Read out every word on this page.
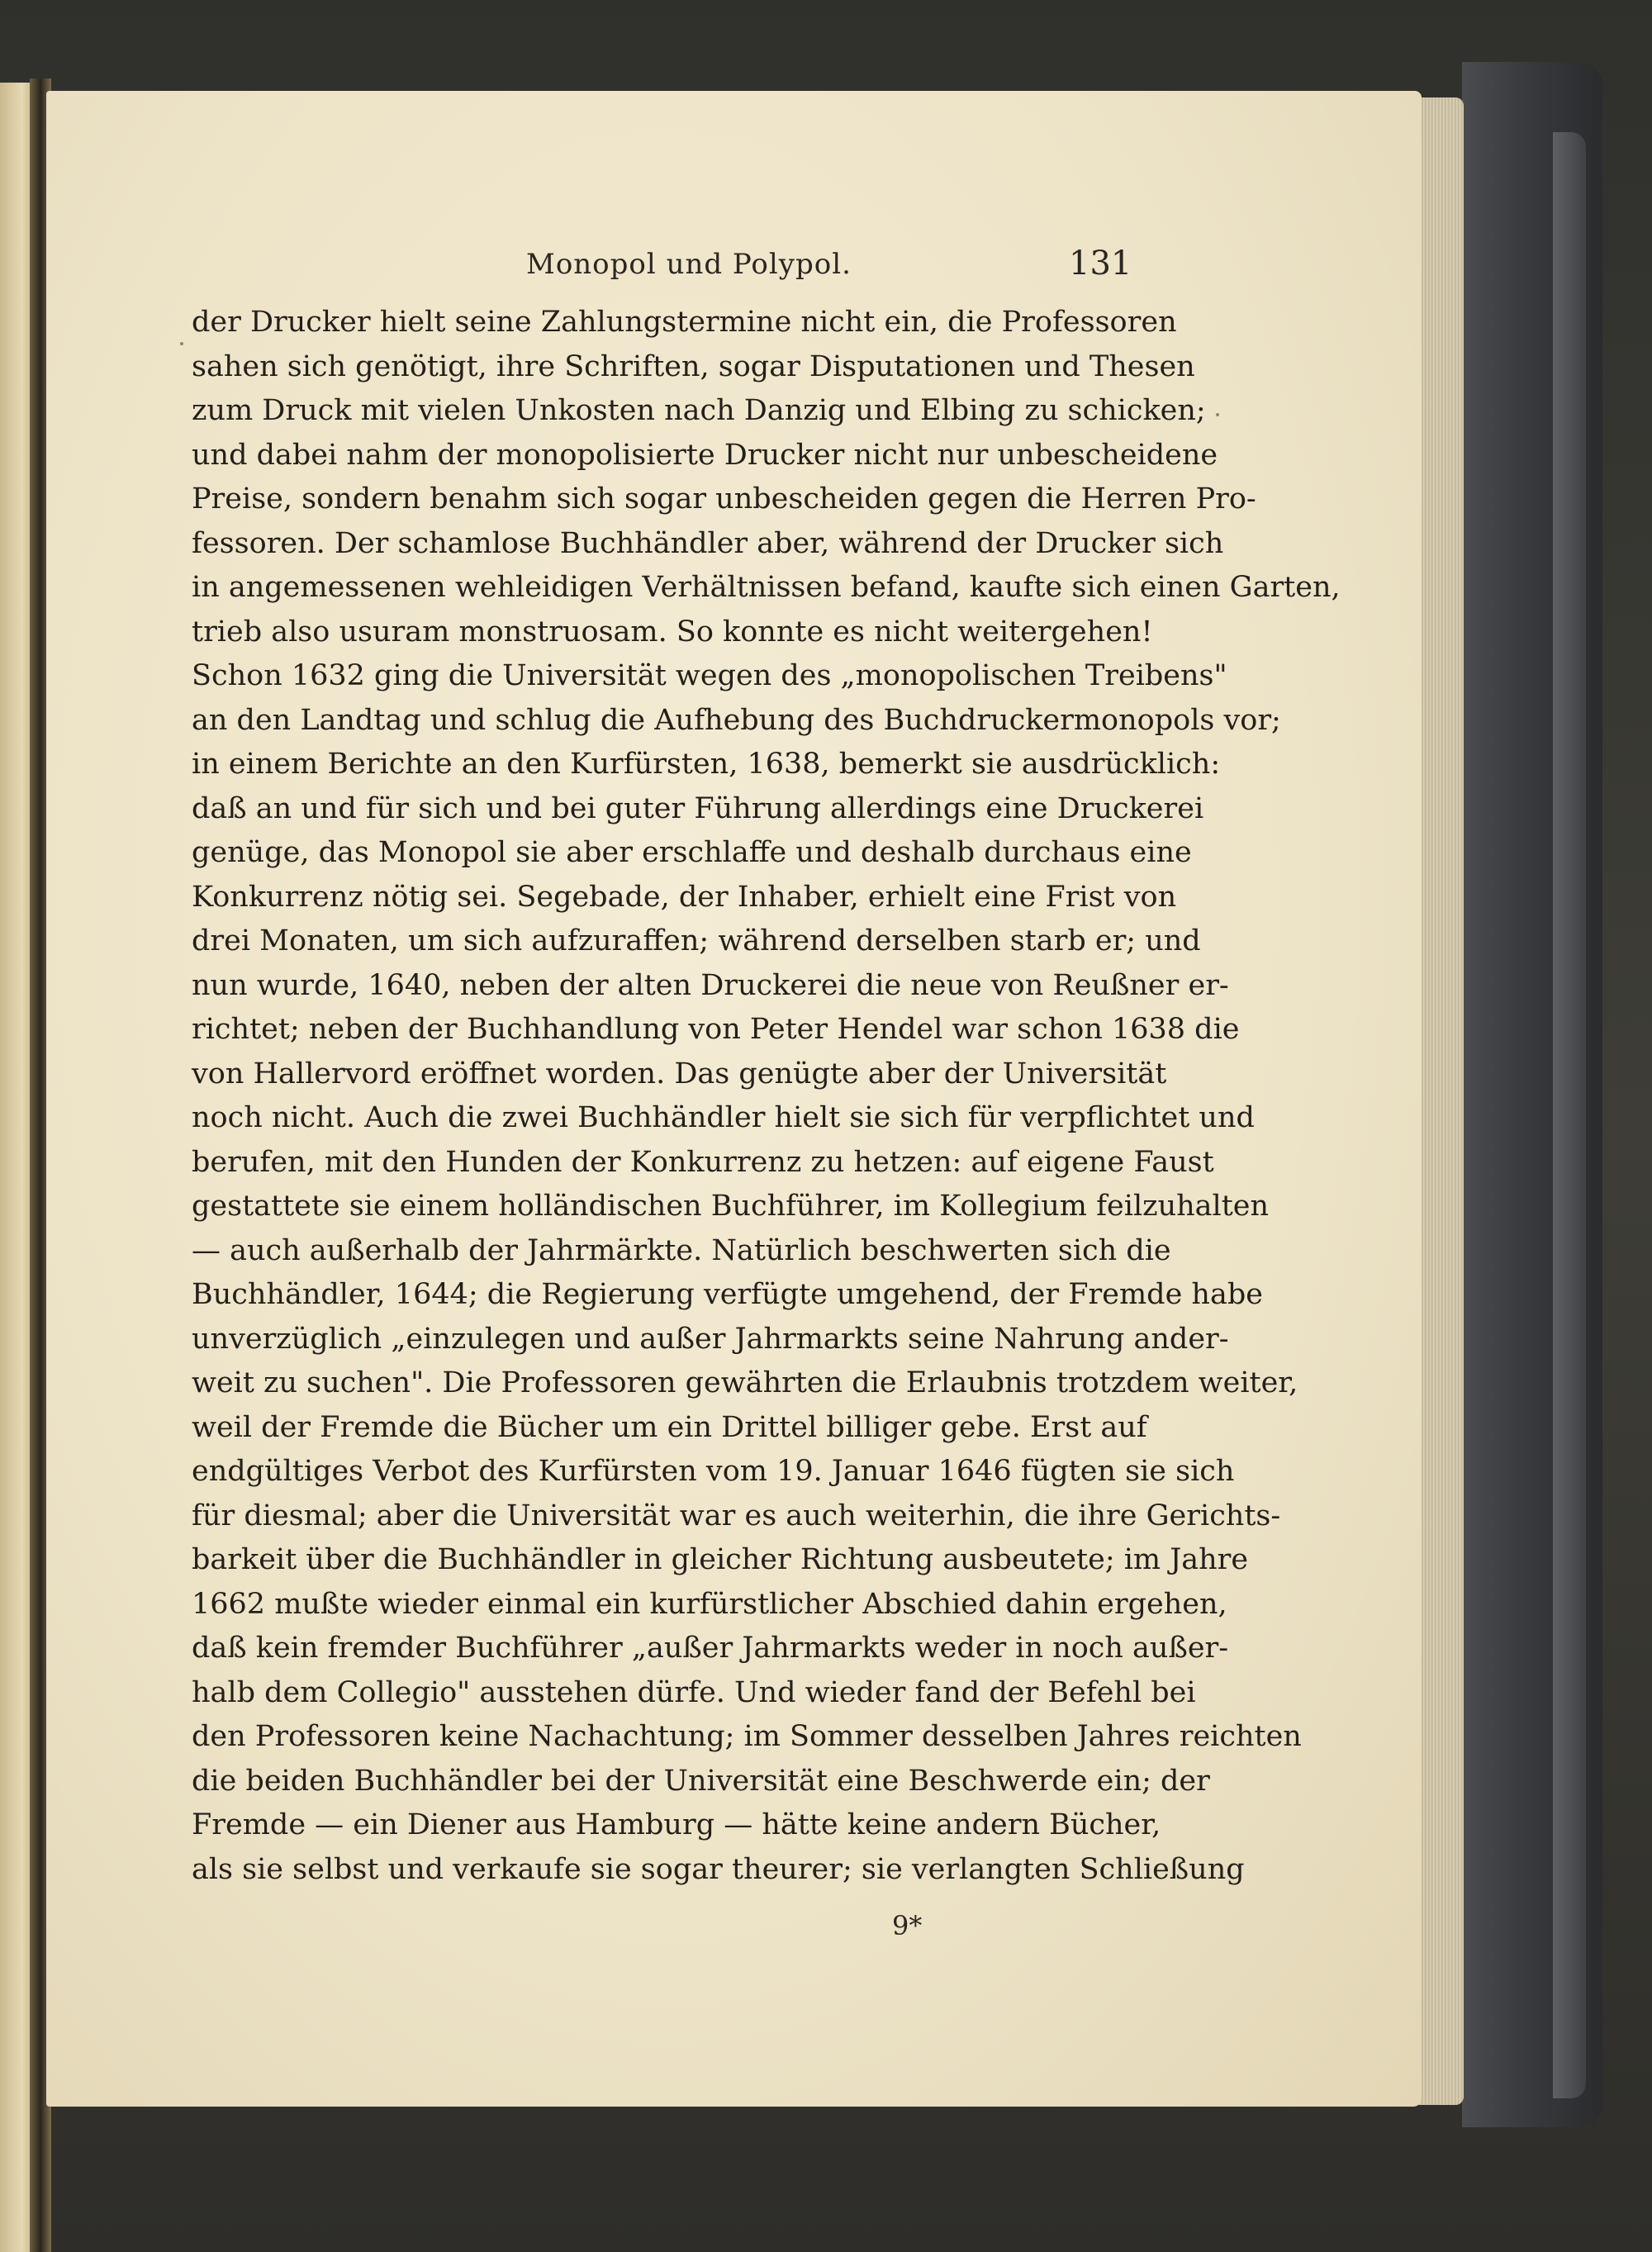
Monopol und Polypol.	131
der Drucker hielt seine Zahlungstermine nicht ein, die Professoren
sahen sich genötigt, ihre Schriften, sogar Disputationen und Thesen
zum Druck mit vielen Unkosten nach Danzig und Elbing zu schicken;
und dabei nahm der monopolisierte Drucker nicht nur unbescheidene
Preise, sondern benahm sich sogar unbescheiden gegen die Herren Pro-
fessoren. Der schamlose Buchhändler aber, während der Drucker sich
in angemessenen wehleidigen Verhältnissen befand, kaufte sich einen Garten,
trieb also usuram monstruosam. So konnte es nicht weitergehen!
Schon 1632 ging die Universität wegen des „monopolischen Treibens"
an den Landtag und schlug die Aufhebung des Buchdruckermonopols vor;
in einem Berichte an den Kurfürsten, 1638, bemerkt sie ausdrücklich:
daß an und für sich und bei guter Führung allerdings eine Druckerei
genüge, das Monopol sie aber erschlaffe und deshalb durchaus eine
Konkurrenz nötig sei. Segebade, der Inhaber, erhielt eine Frist von
drei Monaten, um sich aufzuraffen; während derselben starb er; und
nun wurde, 1640, neben der alten Druckerei die neue von Reußner er-
richtet; neben der Buchhandlung von Peter Hendel war schon 1638 die
von Hallervord eröffnet worden. Das genügte aber der Universität
noch nicht. Auch die zwei Buchhändler hielt sie sich für verpflichtet und
berufen, mit den Hunden der Konkurrenz zu hetzen: auf eigene Faust
gestattete sie einem holländischen Buchführer, im Kollegium feilzuhalten
— auch außerhalb der Jahrmärkte. Natürlich beschwerten sich die
Buchhändler, 1644; die Regierung verfügte umgehend, der Fremde habe
unverzüglich „einzulegen und außer Jahrmarkts seine Nahrung ander-
weit zu suchen". Die Professoren gewährten die Erlaubnis trotzdem weiter,
weil der Fremde die Bücher um ein Drittel billiger gebe. Erst auf
endgültiges Verbot des Kurfürsten vom 19. Januar 1646 fügten sie sich
für diesmal; aber die Universität war es auch weiterhin, die ihre Gerichts-
barkeit über die Buchhändler in gleicher Richtung ausbeutete; im Jahre
1662 mußte wieder einmal ein kurfürstlicher Abschied dahin ergehen,
daß kein fremder Buchführer „außer Jahrmarkts weder in noch außer-
halb dem Collegio" ausstehen dürfe. Und wieder fand der Befehl bei
den Professoren keine Nachachtung; im Sommer desselben Jahres reichten
die beiden Buchhändler bei der Universität eine Beschwerde ein; der
Fremde — ein Diener aus Hamburg — hätte keine andern Bücher,
als sie selbst und verkaufe sie sogar theurer; sie verlangten Schließung
9*
